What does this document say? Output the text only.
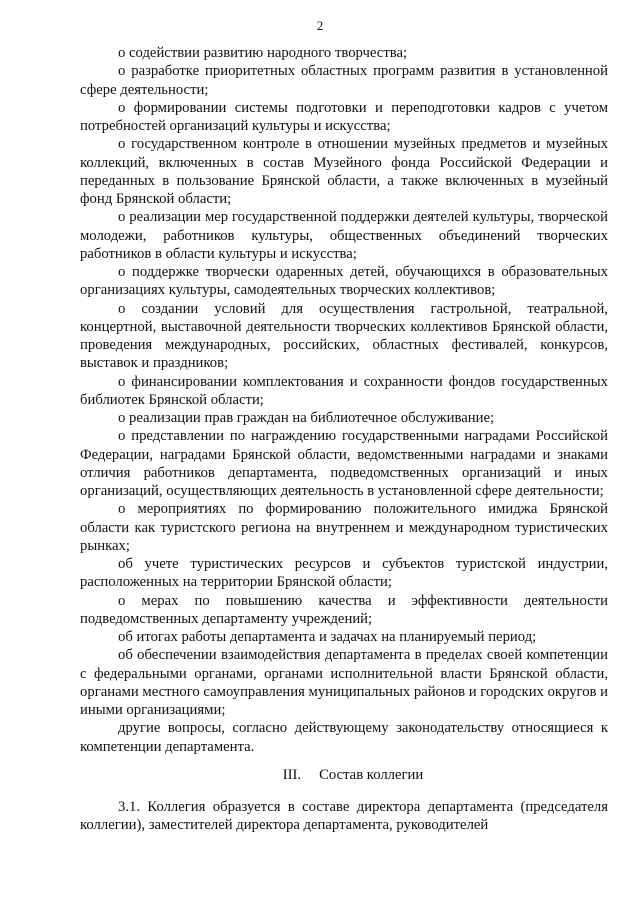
2

о содействии развитию народного творчества;

о разработке приоритетных областных программ развития в установленной сфере деятельности;

о формировании системы подготовки и переподготовки кадров с учетом потребностей организаций культуры и искусства;

о государственном контроле в отношении музейных предметов и музейных коллекций, включенных в состав Музейного фонда Российской Федерации и переданных в пользование Брянской области, а также включенных в музейный фонд Брянской области;

о реализации мер государственной поддержки деятелей культуры, творческой молодежи, работников культуры, общественных объединений творческих работников в области культуры и искусства;

о поддержке творчески одаренных детей, обучающихся в образовательных организациях культуры, самодеятельных творческих коллективов;

о создании условий для осуществления гастрольной, театральной, концертной, выставочной деятельности творческих коллективов Брянской области, проведения международных, российских, областных фестивалей, конкурсов, выставок и праздников;

о финансировании комплектования и сохранности фондов государственных библиотек Брянской области;

о реализации прав граждан на библиотечное обслуживание;

о представлении по награждению государственными наградами Российской Федерации, наградами Брянской области, ведомственными наградами и знаками отличия работников департамента, подведомственных организаций и иных организаций, осуществляющих деятельность в установленной сфере деятельности;

о мероприятиях по формированию положительного имиджа Брянской области как туристского региона на внутреннем и международном туристических рынках;

об учете туристических ресурсов и субъектов туристской индустрии, расположенных на территории Брянской области;

о мерах по повышению качества и эффективности деятельности подведомственных департаменту учреждений;

об итогах работы департамента и задачах на планируемый период;

об обеспечении взаимодействия департамента в пределах своей компетенции с федеральными органами, органами исполнительной власти Брянской области, органами местного самоуправления муниципальных районов и городских округов и иными организациями;

другие вопросы, согласно действующему законодательству относящиеся к компетенции департамента.

III. Состав коллегии

3.1. Коллегия образуется в составе директора департамента (председателя коллегии), заместителей директора департамента, руководителей
